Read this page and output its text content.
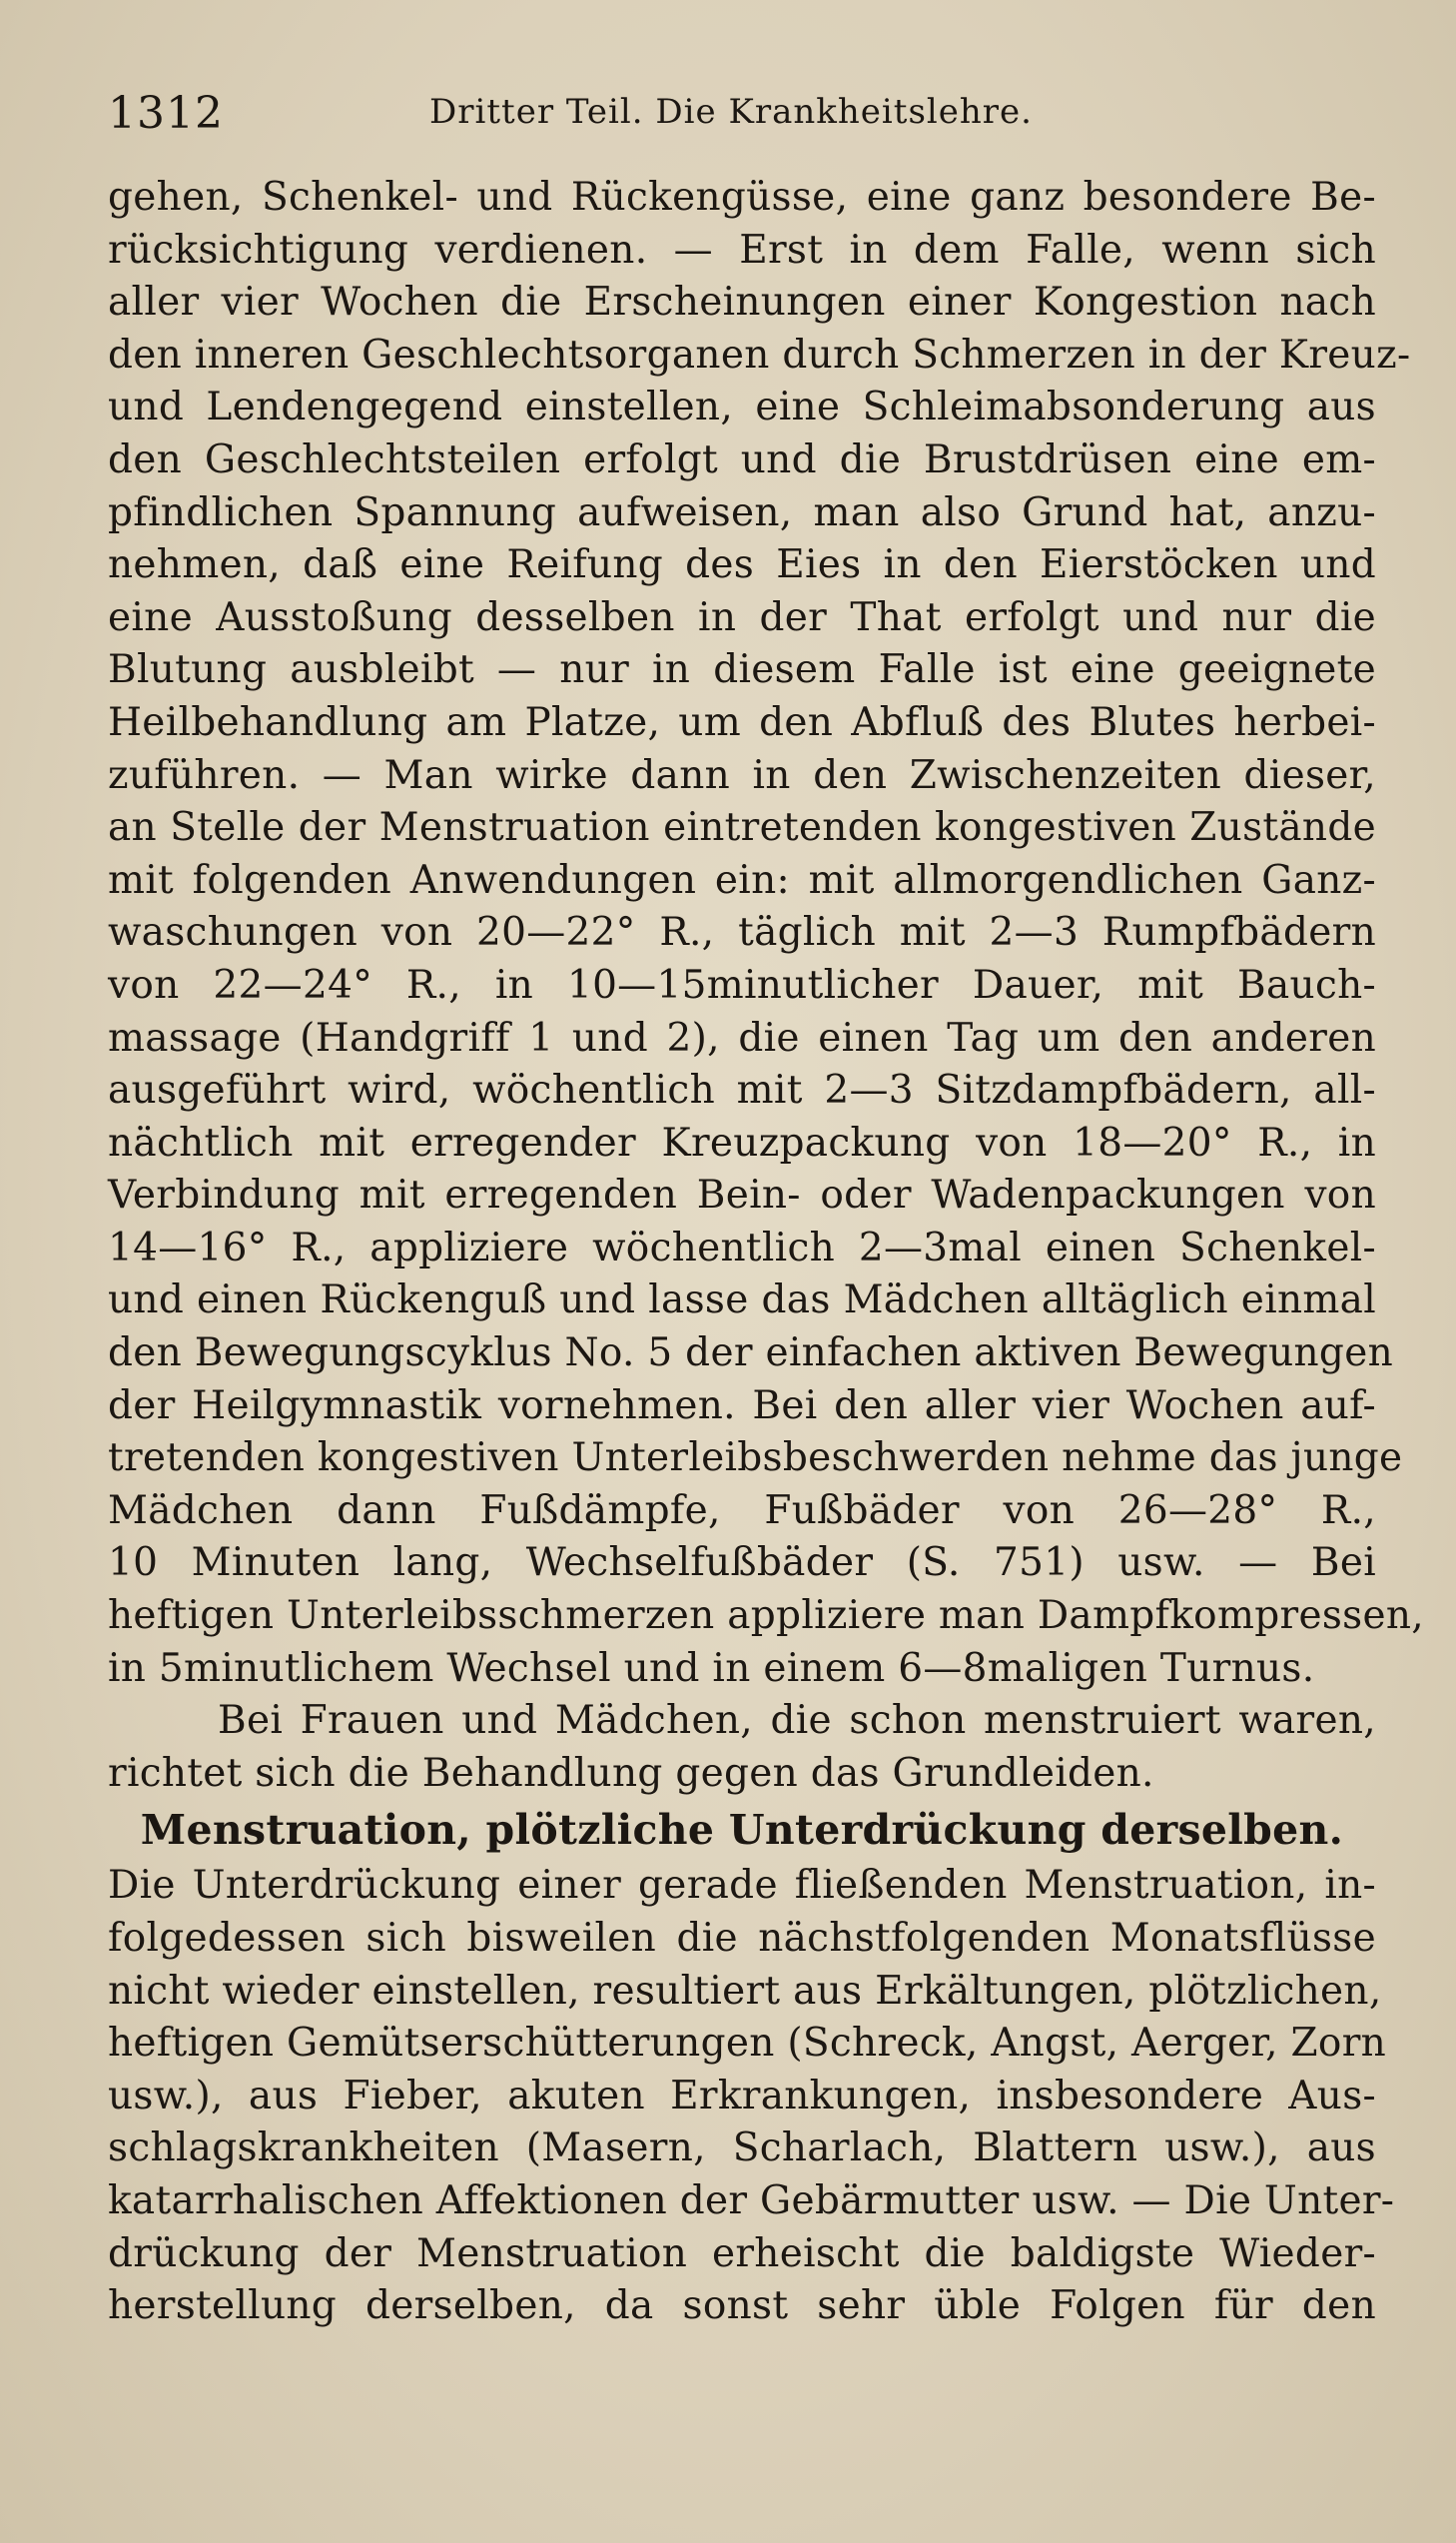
1312	Dritter Teil. Die Krankheitslehre.
gehen, Schenkel- und Rückengüsse, eine ganz besondere Be-
rücksichtigung verdienen. — Erst in dem Falle, wenn sich
aller vier Wochen die Erscheinungen einer Kongestion nach
den inneren Geschlechtsorganen durch Schmerzen in der Kreuz-
und Lendengegend einstellen, eine Schleimabsonderung aus
den Geschlechtsteilen erfolgt und die Brustdrüsen eine em-
pfindlichen Spannung aufweisen, man also Grund hat, anzu-
nehmen, daß eine Reifung des Eies in den Eierstöcken und
eine Ausstoßung desselben in der That erfolgt und nur die
Blutung ausbleibt — nur in diesem Falle ist eine geeignete
Heilbehandlung am Platze, um den Abfluß des Blutes herbei-
zuführen. — Man wirke dann in den Zwischenzeiten dieser,
an Stelle der Menstruation eintretenden kongestiven Zustände
mit folgenden Anwendungen ein: mit allmorgendlichen Ganz-
waschungen von 20—22° R., täglich mit 2—3 Rumpfbädern
von 22—24° R., in 10—15minutlicher Dauer, mit Bauch-
massage (Handgriff 1 und 2), die einen Tag um den anderen
ausgeführt wird, wöchentlich mit 2—3 Sitzdampfbädern, all-
nächtlich mit erregender Kreuzpackung von 18—20° R., in
Verbindung mit erregenden Bein- oder Wadenpackungen von
14—16° R., appliziere wöchentlich 2—3mal einen Schenkel-
und einen Rückenguß und lasse das Mädchen alltäglich einmal
den Bewegungscyklus No. 5 der einfachen aktiven Bewegungen
der Heilgymnastik vornehmen. Bei den aller vier Wochen auf-
tretenden kongestiven Unterleibsbeschwerden nehme das junge
Mädchen dann Fußdämpfe, Fußbäder von 26—28° R.,
10 Minuten lang, Wechselfußbäder (S. 751) usw. — Bei
heftigen Unterleibsschmerzen appliziere man Dampfkompressen,
in 5minutlichem Wechsel und in einem 6—8maligen Turnus.
Bei Frauen und Mädchen, die schon menstruiert waren,
richtet sich die Behandlung gegen das Grundleiden.
Menstruation, plötzliche Unterdrückung derselben.
Die Unterdrückung einer gerade fließenden Menstruation, in-
folgedessen sich bisweilen die nächstfolgenden Monatsflüsse
nicht wieder einstellen, resultiert aus Erkältungen, plötzlichen,
heftigen Gemütserschütterungen (Schreck, Angst, Aerger, Zorn
usw.), aus Fieber, akuten Erkrankungen, insbesondere Aus-
schlagskrankheiten (Masern, Scharlach, Blattern usw.), aus
katarrhalischen Affektionen der Gebärmutter usw. — Die Unter-
drückung der Menstruation erheischt die baldigste Wieder-
herstellung derselben, da sonst sehr üble Folgen für den
